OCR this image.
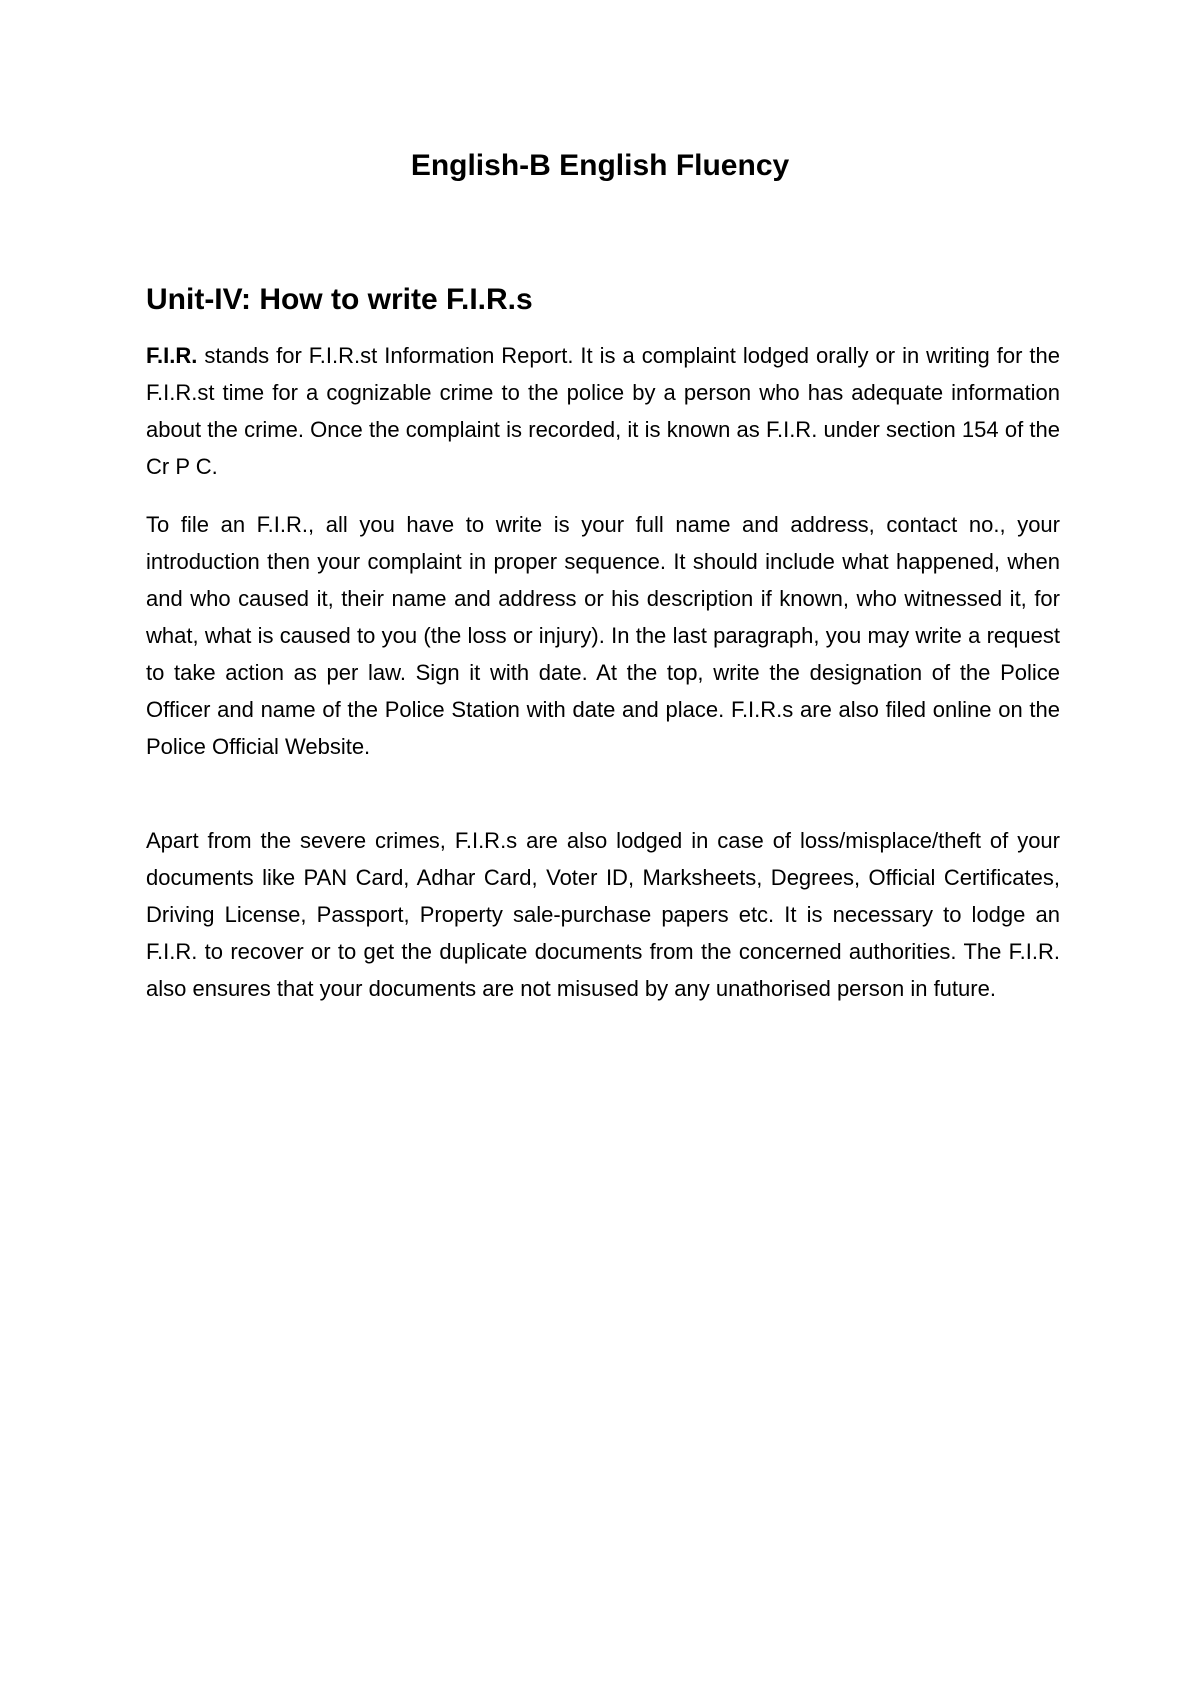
English-B English Fluency
Unit-IV: How to write F.I.R.s

F.I.R. stands for F.I.R.st Information Report. It is a complaint lodged orally or in writing for the F.I.R.st time for a cognizable crime to the police by a person who has adequate information about the crime. Once the complaint is recorded, it is known as F.I.R. under section 154 of the Cr P C.

To file an F.I.R., all you have to write is your full name and address, contact no., your introduction then your complaint in proper sequence. It should include what happened, when and who caused it, their name and address or his description if known, who witnessed it, for what, what is caused to you (the loss or injury). In the last paragraph, you may write a request to take action as per law. Sign it with date. At the top, write the designation of the Police Officer and name of the Police Station with date and place. F.I.R.s are also filed online on the Police Official Website.

Apart from the severe crimes, F.I.R.s are also lodged in case of loss/misplace/theft of your documents like PAN Card, Adhar Card, Voter ID, Marksheets, Degrees, Official Certificates, Driving License, Passport, Property sale-purchase papers etc. It is necessary to lodge an F.I.R. to recover or to get the duplicate documents from the concerned authorities. The F.I.R. also ensures that your documents are not misused by any unathorised person in future.
